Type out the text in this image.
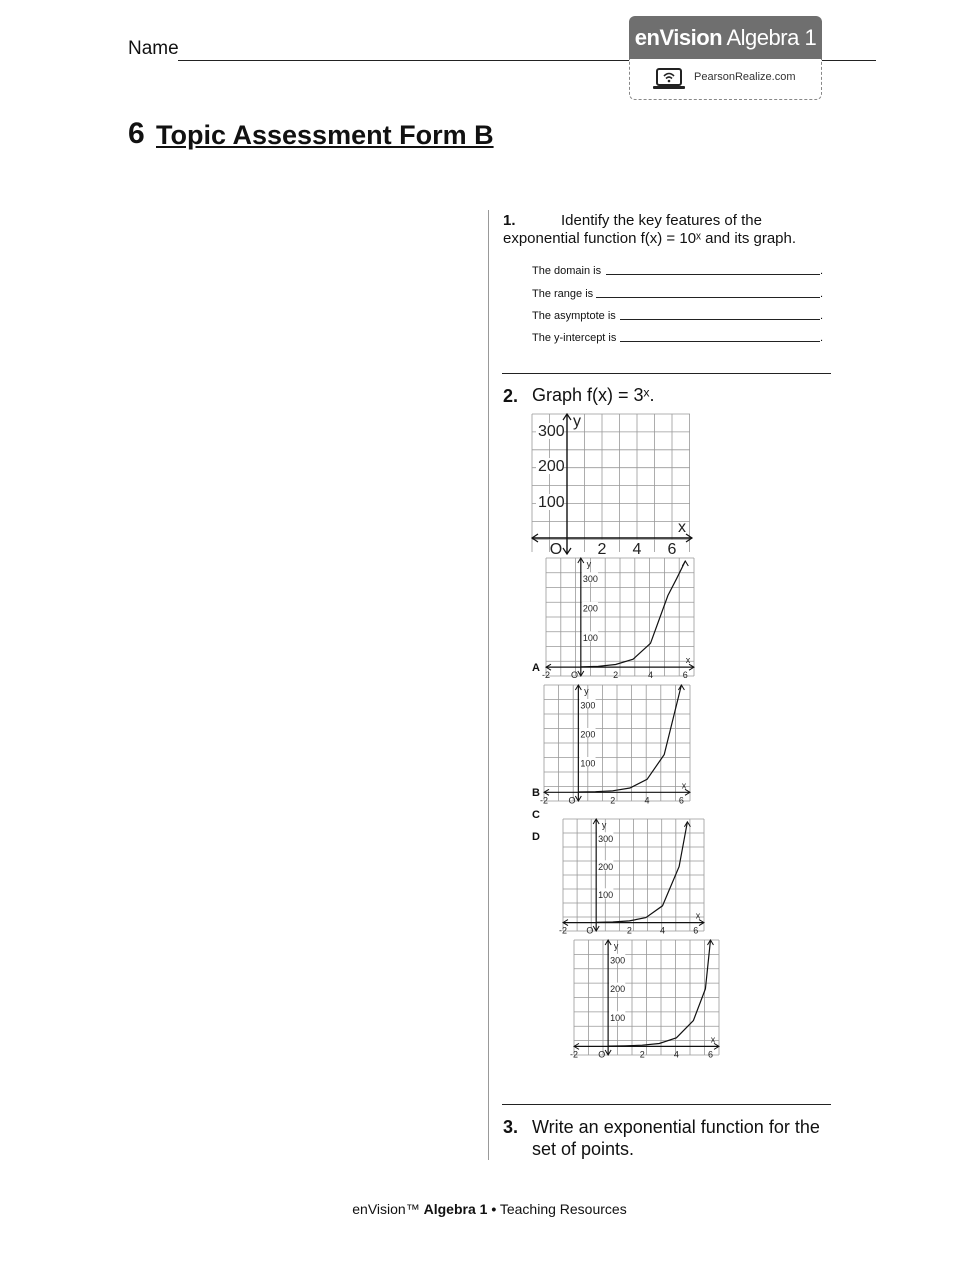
Name	enVision Algebra 1
PearsonRealize.com
6 Topic Assessment Form B
1.	Identify the key features of the exponential function f(x) = 10ˣ and its graph.
The domain is	.
The range is	.
The asymptote is	.
The y-intercept is	.
2. Graph f(x) = 3ˣ.
300
200
100
2 4 6
O
x
y
A
B
C
D
300
200
100
-2	2	4	6
O
x
y
300
200
100
-2	2	4	6
O
x
y
300
200
100
-2	2	4	6
O
x
y
300
200
100
-2	2	4	6
O
x
y
3. Write an exponential function for the set of points.
enVision™ Algebra 1 • Teaching Resources
